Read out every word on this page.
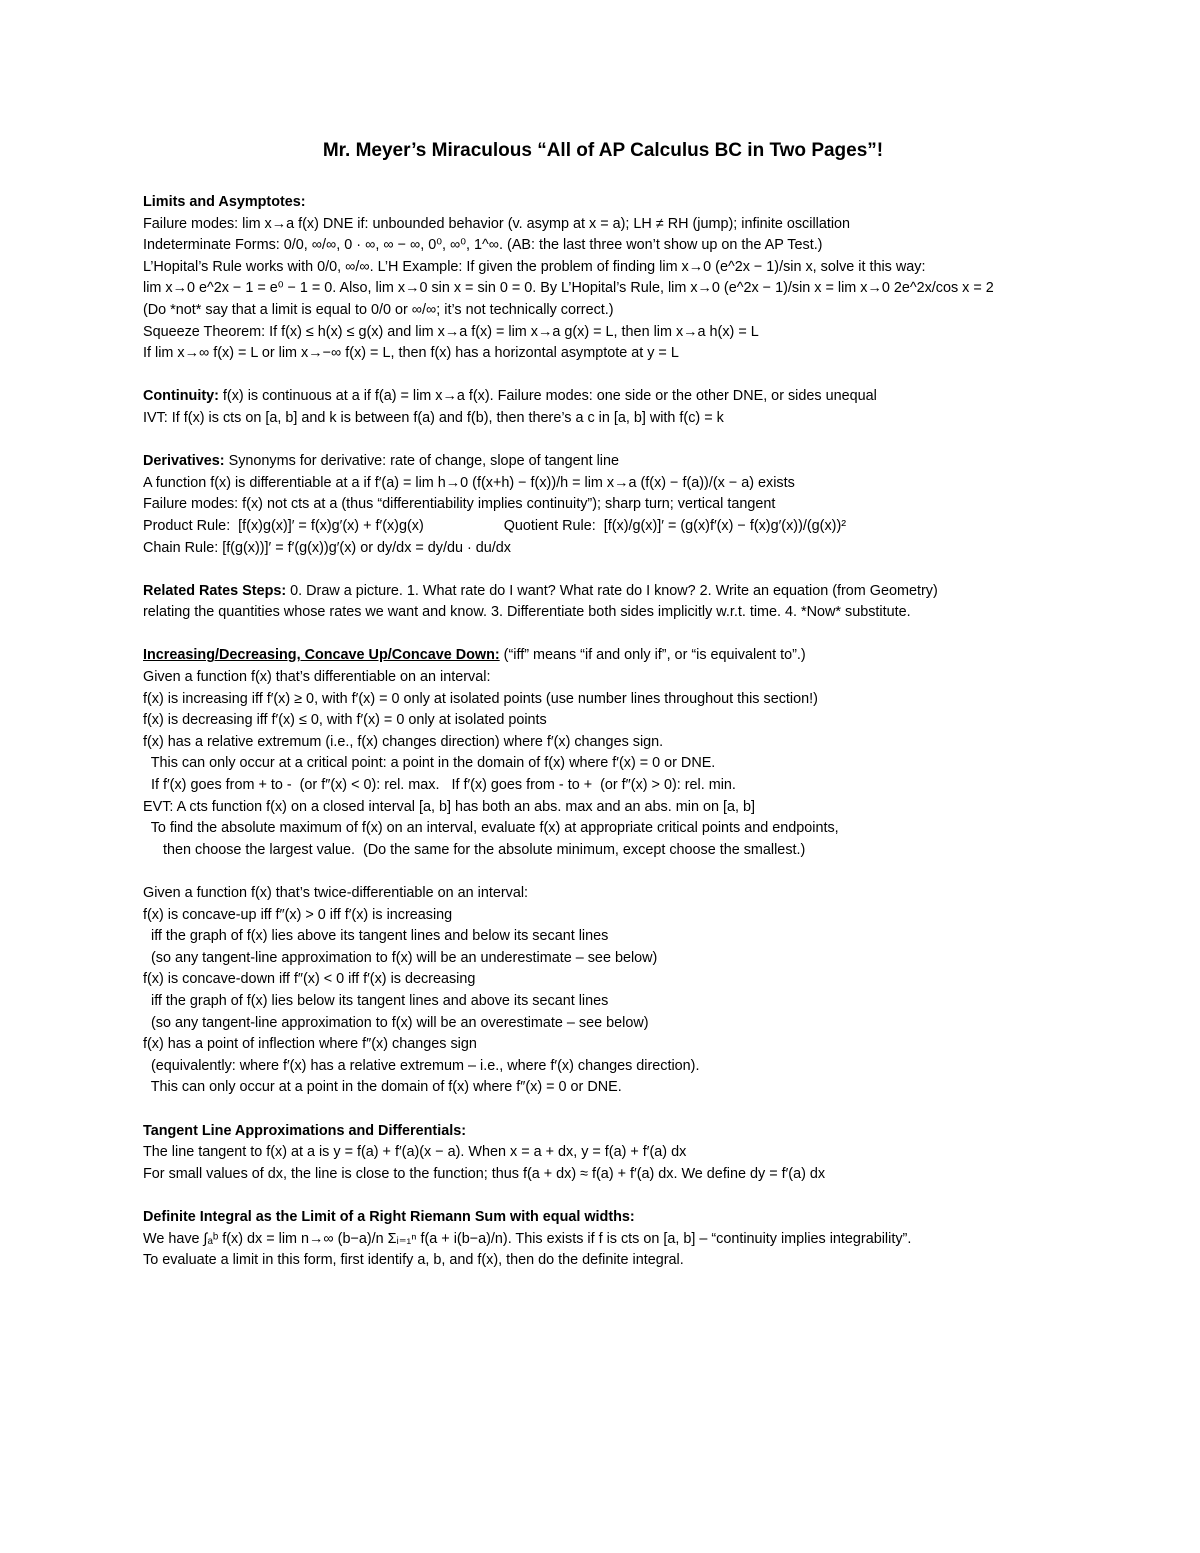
Mr. Meyer’s Miraculous “All of AP Calculus BC in Two Pages”!
Limits and Asymptotes:
Failure modes: lim x→a f(x) DNE if: unbounded behavior (v. asymp at x = a); LH ≠ RH (jump); infinite oscillation
Indeterminate Forms: 0/0, ∞/∞, 0 · ∞, ∞ − ∞, 0⁰, ∞⁰, 1^∞. (AB: the last three won’t show up on the AP Test.)
L’Hopital’s Rule works with 0/0, ∞/∞. L’H Example: If given the problem of finding lim x→0 (e^2x − 1)/sin x, solve it this way:
lim x→0 e^2x − 1 = e⁰ − 1 = 0. Also, lim x→0 sin x = sin 0 = 0. By L’Hopital’s Rule, lim x→0 (e^2x − 1)/sin x = lim x→0 2e^2x/cos x = 2
(Do *not* say that a limit is equal to 0/0 or ∞/∞; it’s not technically correct.)
Squeeze Theorem: If f(x) ≤ h(x) ≤ g(x) and lim x→a f(x) = lim x→a g(x) = L, then lim x→a h(x) = L
If lim x→∞ f(x) = L or lim x→−∞ f(x) = L, then f(x) has a horizontal asymptote at y = L
Continuity: f(x) is continuous at a if f(a) = lim x→a f(x). Failure modes: one side or the other DNE, or sides unequal
IVT: If f(x) is cts on [a, b] and k is between f(a) and f(b), then there’s a c in [a, b] with f(c) = k
Derivatives: Synonyms for derivative: rate of change, slope of tangent line
A function f(x) is differentiable at a if f′(a) = lim h→0 (f(x+h) − f(x))/h = lim x→a (f(x) − f(a))/(x − a) exists
Failure modes: f(x) not cts at a (thus “differentiability implies continuity”); sharp turn; vertical tangent
Product Rule:  [f(x)g(x)]′ = f(x)g′(x) + f′(x)g(x)                    Quotient Rule:  [f(x)/g(x)]′ = (g(x)f′(x) − f(x)g′(x))/(g(x))²
Chain Rule: [f(g(x))]′ = f′(g(x))g′(x) or dy/dx = dy/du · du/dx
Related Rates Steps: 0. Draw a picture. 1. What rate do I want? What rate do I know? 2. Write an equation (from Geometry)
relating the quantities whose rates we want and know. 3. Differentiate both sides implicitly w.r.t. time. 4. *Now* substitute.
Increasing/Decreasing, Concave Up/Concave Down: (“iff” means “if and only if”, or “is equivalent to”.)
Given a function f(x) that’s differentiable on an interval:
f(x) is increasing iff f′(x) ≥ 0, with f′(x) = 0 only at isolated points (use number lines throughout this section!)
f(x) is decreasing iff f′(x) ≤ 0, with f′(x) = 0 only at isolated points
f(x) has a relative extremum (i.e., f(x) changes direction) where f′(x) changes sign.
This can only occur at a critical point: a point in the domain of f(x) where f′(x) = 0 or DNE.
If f′(x) goes from + to -  (or f″(x) < 0): rel. max.   If f′(x) goes from - to +  (or f″(x) > 0): rel. min.
EVT: A cts function f(x) on a closed interval [a, b] has both an abs. max and an abs. min on [a, b]
To find the absolute maximum of f(x) on an interval, evaluate f(x) at appropriate critical points and endpoints,
then choose the largest value.  (Do the same for the absolute minimum, except choose the smallest.)
Given a function f(x) that’s twice-differentiable on an interval:
f(x) is concave-up iff f″(x) > 0 iff f′(x) is increasing
iff the graph of f(x) lies above its tangent lines and below its secant lines
(so any tangent-line approximation to f(x) will be an underestimate – see below)
f(x) is concave-down iff f″(x) < 0 iff f′(x) is decreasing
iff the graph of f(x) lies below its tangent lines and above its secant lines
(so any tangent-line approximation to f(x) will be an overestimate – see below)
f(x) has a point of inflection where f″(x) changes sign
(equivalently: where f′(x) has a relative extremum – i.e., where f′(x) changes direction).
This can only occur at a point in the domain of f(x) where f″(x) = 0 or DNE.
Tangent Line Approximations and Differentials:
The line tangent to f(x) at a is y = f(a) + f′(a)(x − a). When x = a + dx, y = f(a) + f′(a) dx
For small values of dx, the line is close to the function; thus f(a + dx) ≈ f(a) + f′(a) dx. We define dy = f′(a) dx
Definite Integral as the Limit of a Right Riemann Sum with equal widths:
We have ∫ₐᵇ f(x) dx = lim n→∞ (b−a)/n Σᵢ₌₁ⁿ f(a + i(b−a)/n). This exists if f is cts on [a, b] – “continuity implies integrability”.
To evaluate a limit in this form, first identify a, b, and f(x), then do the definite integral.
